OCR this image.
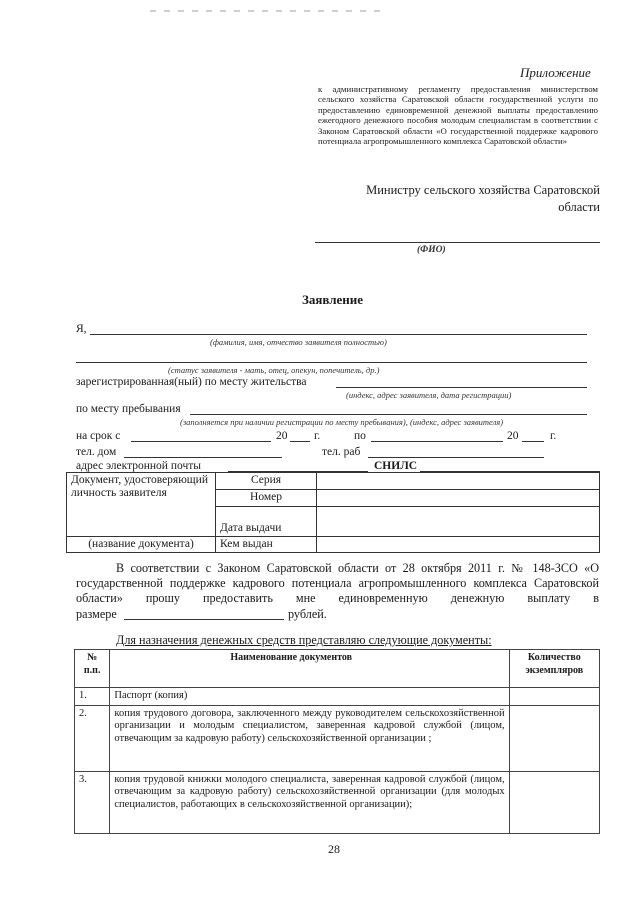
Приложение
к административному регламенту предоставления министерством сельского хозяйства Саратовской области государственной услуги по предоставлению единовременной денежной выплаты предоставлению ежегодного денежного пособия молодым специалистам в соответствии с Законом Саратовской области «О государственной поддержке кадрового потенциала агропромышленного комплекса Саратовской области»
Министру сельского хозяйства Саратовской
области
(ФИО)
Заявление
Я,
(фамилия, имя, отчество заявителя полностью)
(статус заявителя - мать, отец, опекун, попечитель, др.)
зарегистрированная(ный) по месту жительства
(индекс, адрес заявителя, дата регистрации)
по месту пребывания
(заполняется при наличии регистрации по месту пребывания), (индекс, адрес заявителя)
на срок с	20 г.	по	20	г.
тел. дом	тел. раб
адрес электронной почты	СНИЛС
Документ, удостоверяющий личность заявителя	Серия	
	Номер	
	Дата выдачи	
(название документа)	Кем выдан	
В соответствии с Законом Саратовской области от 28 октября 2011 г. № 148-ЗСО «О государственной поддержке кадрового потенциала агропромышленного комплекса Саратовской области» прошу предоставить мне единовременную денежную выплату в
размере	рублей.
Для назначения денежных средств представляю следующие документы:
№ п.п.	Наименование документов	Количество экземпляров
1.	Паспорт (копия)	
2.	копия трудового договора, заключенного между руководителем сельскохозяйственной организации и молодым специалистом, заверенная кадровой службой (лицом, отвечающим за кадровую работу) сельскохозяйственной организации ;	
3.	копия трудовой книжки молодого специалиста, заверенная кадровой службой (лицом, отвечающим за кадровую работу) сельскохозяйственной организации (для молодых специалистов, работающих в сельскохозяйственной организации);	
28
